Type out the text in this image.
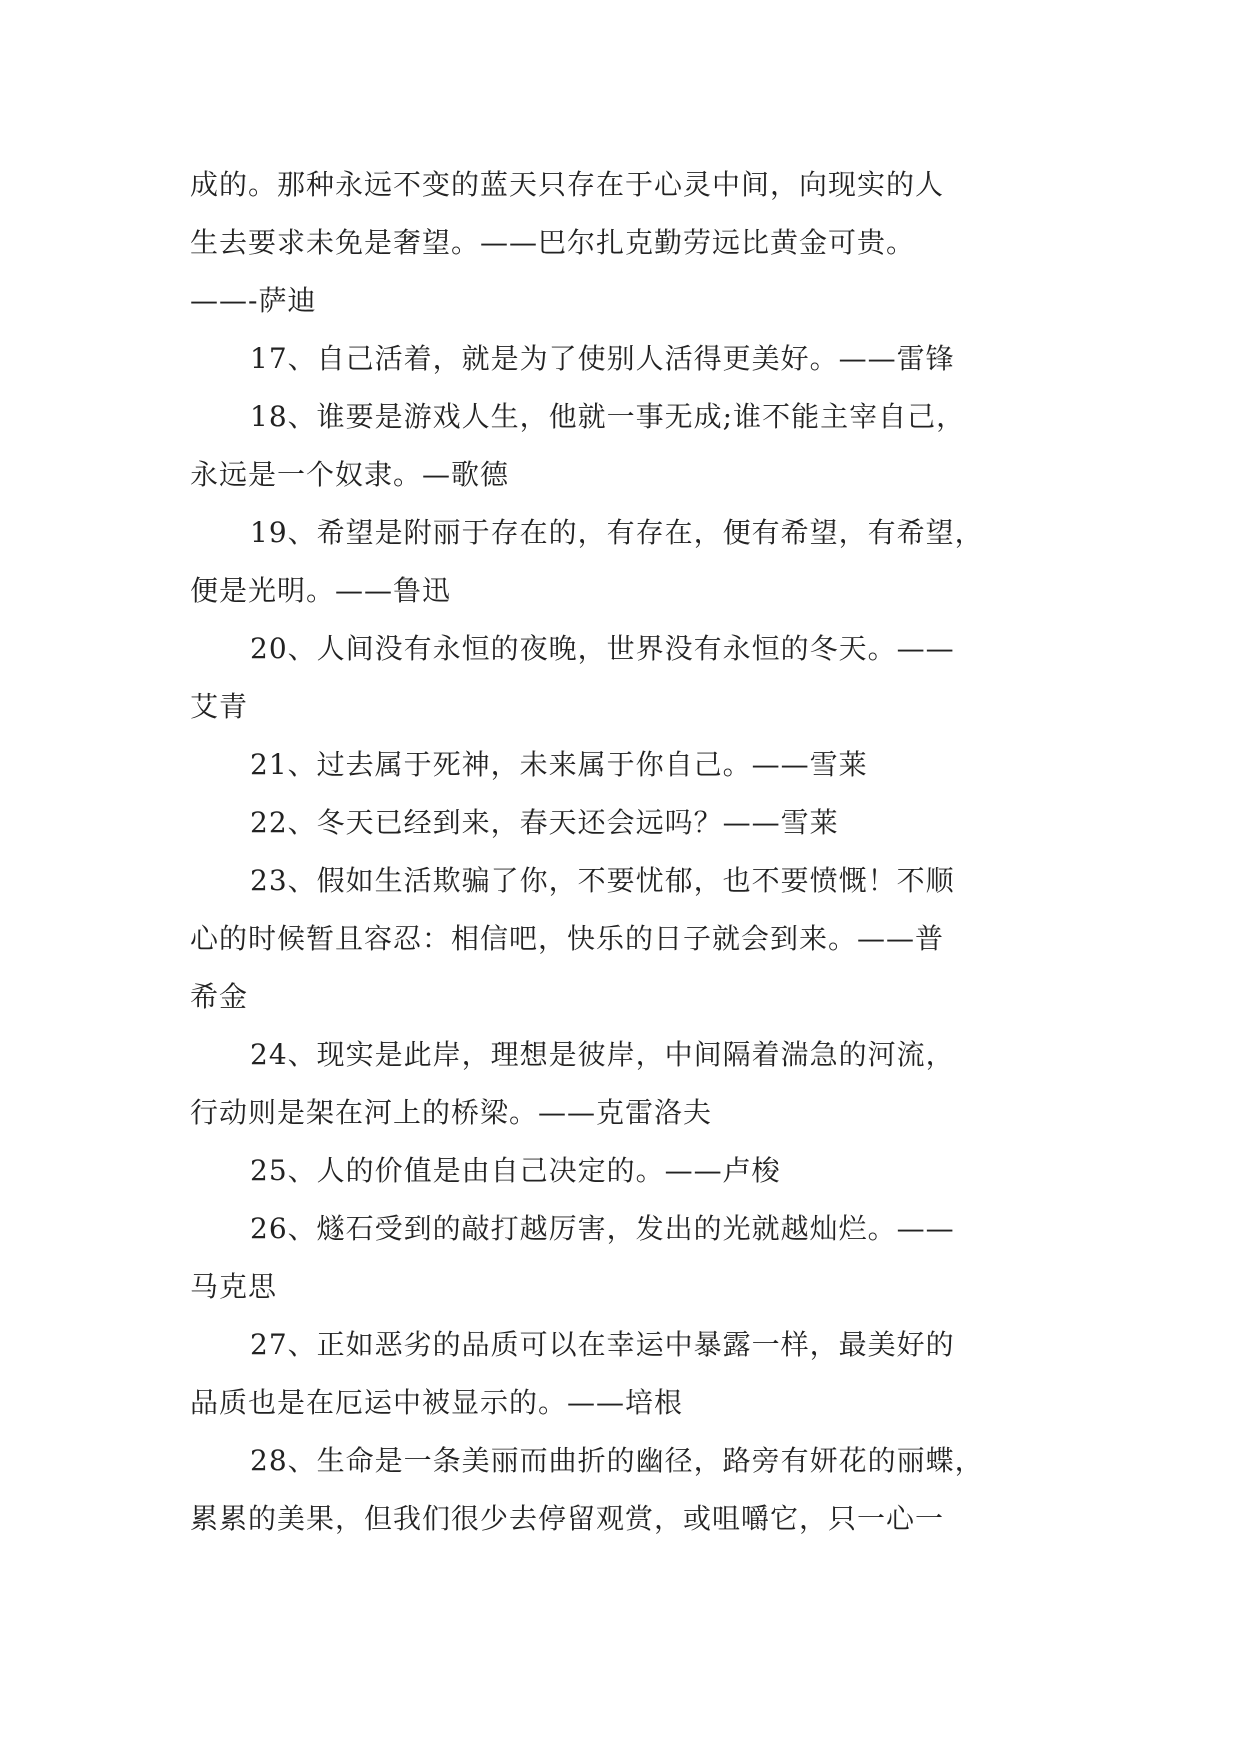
成的。那种永远不变的蓝天只存在于心灵中间，向现实的人
生去要求未免是奢望。——巴尔扎克勤劳远比黄金可贵。
——-萨迪
17、自己活着，就是为了使别人活得更美好。——雷锋
18、谁要是游戏人生，他就一事无成;谁不能主宰自己，
永远是一个奴隶。—歌德
19、希望是附丽于存在的，有存在，便有希望，有希望，
便是光明。——鲁迅
20、人间没有永恒的夜晚，世界没有永恒的冬天。——
艾青
21、过去属于死神，未来属于你自己。——雪莱
22、冬天已经到来，春天还会远吗？——雪莱
23、假如生活欺骗了你，不要忧郁，也不要愤慨！不顺
心的时候暂且容忍：相信吧，快乐的日子就会到来。——普
希金
24、现实是此岸，理想是彼岸，中间隔着湍急的河流，
行动则是架在河上的桥梁。——克雷洛夫
25、人的价值是由自己决定的。——卢梭
26、燧石受到的敲打越厉害，发出的光就越灿烂。——
马克思
27、正如恶劣的品质可以在幸运中暴露一样，最美好的
品质也是在厄运中被显示的。——培根
28、生命是一条美丽而曲折的幽径，路旁有妍花的丽蝶，
累累的美果，但我们很少去停留观赏，或咀嚼它，只一心一
